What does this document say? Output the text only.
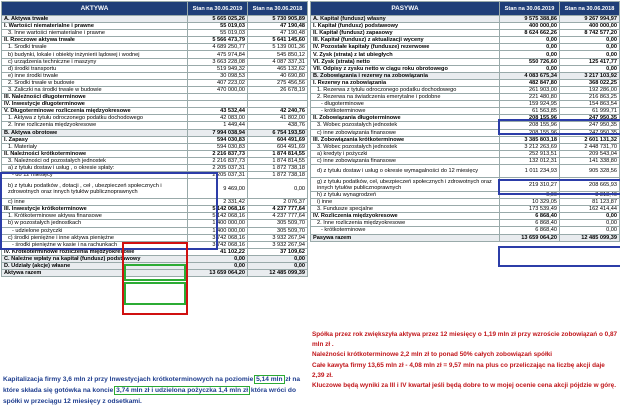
AKTYWA	Stan na 30.06.2019	Stan na 30.06.2018
A. Aktywa trwałe	5 665 025,26	5 730 905,89
I. Wartości niematerialne i prawne	55 019,03	47 190,48
3. Inne wartości niematerialne i prawne	55 019,03	47 190,48
II. Rzeczowe aktywa trwałe	5 566 473,79	5 641 145,60
1. Środki trwałe	4 689 250,77	5 139 001,36
b) budynki, lokale i obiekty inżynierii lądowej i wodnej	475 974,84	545 850,12
c) urządzenia techniczne i maszyny	3 663 228,08	4 087 337,31
d) środki transportu	519 949,32	465 132,62
e) inne środki trwałe	30 098,53	40 690,80
2. Środki trwałe w budowie	407 223,02	275 456,56
3. Zaliczki na środki trwałe w budowie	470 000,00	26 678,19
III. Należności długoterminowe		
IV. Inwestycje długoterminowe		
V. Długoterminowe rozliczenia międzyokresowe	43 532,44	42 240,76
1. Aktywa z tytułu odroczonego podatku dochodowego	42 083,00	41 802,00
2. Inne rozliczenia międzyokresowe	1 449,44	438,76
B. Aktywa obrotowe	7 994 038,94	6 754 193,50
I. Zapasy	594 030,83	604 491,69
1. Materiały	594 030,83	604 491,69
II. Należności krótkoterminowe	2 216 837,73	1 874 814,55
3. Należności od pozostałych jednostek	2 216 837,73	1 874 814,55
a) z tytułu dostaw i usług , o okresie spłaty:	2 205 037,31	1 872 738,18
- do 12 miesięcy	2 205 037,31	1 872 738,18
b) z tytułu podatków , dotacji , ceł , ubezpieczeń społecznych i zdrowotnych oraz innych tytułów publicznoprawnych	9 469,00	0,00
c) inne	2 331,42	2 076,37
III. Inwestycje krótkoterminowe	5 142 068,16	4 237 777,64
1. Krótkoterminowe aktywa finansowe	5 142 068,16	4 237 777,64
b) w pozostałych jednostkach	1 400 000,00	305 509,70
- udzielone pożyczki	1 400 000,00	305 509,70
c) środki pieniężne i inne aktywa pieniężne	3 742 068,16	3 932 267,94
- środki pieniężne w kasie i na rachunkach	3 742 068,16	3 932 267,94
IV. Krótkoterminowe rozliczenia międzyokresowe	41 102,22	37 109,62
C. Należne wpłaty na kapitał (fundusz) podstawowy	0,00	0,00
D. Udziały (akcje) własne	0,00	0,00
Aktywa razem	13 659 064,20	12 485 099,39
PASYWA	Stan na 30.06.2019	Stan na 30.06.2018
A. Kapitał (fundusz) własny	9 575 388,86	9 267 994,97
I. Kapitał (fundusz) podstawowy	400 000,00	400 000,00
II. Kapitał (fundusz) zapasowy	8 624 662,26	8 742 577,20
III. Kapitał (fundusz) z aktualizacji wyceny	0,00	0,00
IV. Pozostałe kapitały (fundusze) rezerwowe	0,00	0,00
V. Zysk (strata) z lat ubiegłych	0,00	0,00
VI. Zysk (strata) netto	550 726,60	125 417,77
VII. Odpisy z zysku netto w ciągu roku obrotowego	0,00	0,00
B. Zobowiązania i rezerwy na zobowiązania	4 083 675,34	3 217 103,92
I. Rezerwy na zobowiązania	482 847,80	368 022,25
1. Rezerwa z tytułu odroczonego podatku dochodowego	261 903,00	192 286,00
2. Rezerwa na świadczenia emerytalne i podobne	221 480,80	216 863,25
- długoterminowe	159 924,95	154 863,54
- krótkoterminowe	61 563,85	61 999,71
II. Zobowiązania długoterminowe	208 155,96	247 950,35
3. Wobec pozostałych jednostek	208 155,96	247 950,35
c) inne zobowiązania finansowe	208 155,96	247 950,35
III. Zobowiązania krótkoterminowe	3 385 803,18	2 601 131,32
3. Wobec pozostałych jednostek	3 212 263,69	2 448 731,70
a) kredyty i pożyczki	252 913,51	209 543,04
c) inne zobowiązania finansowe	132 012,31	141 338,80
d) z tytułu dostaw i usług o okresie wymagalności do 12 miesięcy	1 011 234,93	905 328,56
g) z tytułu podatków, ceł, ubezpieczeń społecznych i zdrowotnych oraz innych tytułów publicznoprawnych	219 310,27	208 665,93
h) z tytułu wynagrodzeń	0,00	3 313,40
i) inne	10 329,05	81 123,87
3. Fundusze specjalne	173 539,49	162 414,44
IV. Rozliczenia międzyokresowe	6 868,40	0,00
2. Inne rozliczenia międzyokresowe	6 868,40	0,00
- krótkoterminowe	6 868,40	0,00
Pasywa razem	13 659 064,20	12 485 099,39
Kapitalizacja firmy 3,6 mln zł przy Inwestycjach krótkoterminowych na poziomie 5,14 mln zł na które składa się gotówka na koncie 3,74 mln zł i udzielona pożyczka 1,4 mln zł która wróci do spółki w przeciągu 12 miesięcy z odsetkami.

Spółka przez rok zwiększyła aktywa przez 12 miesięcy o 1,19 mln zł przy wzroście zobowiązań o 0,87 mln zł .

Należności krótkoterminowe 2,2 mln zł to ponad 50% całych zobowiązań spółki

Całe kawyta firmy 13,65 mln zł - 4,08 mln zł = 9,57 mln na plus co przeliczając na liczbę akcji daje 2,39 zł.

Kluczowe będą wyniki za III i IV kwartał jeśli będą dobre to w mojej ocenie cena akcji pójdzie w górę.
